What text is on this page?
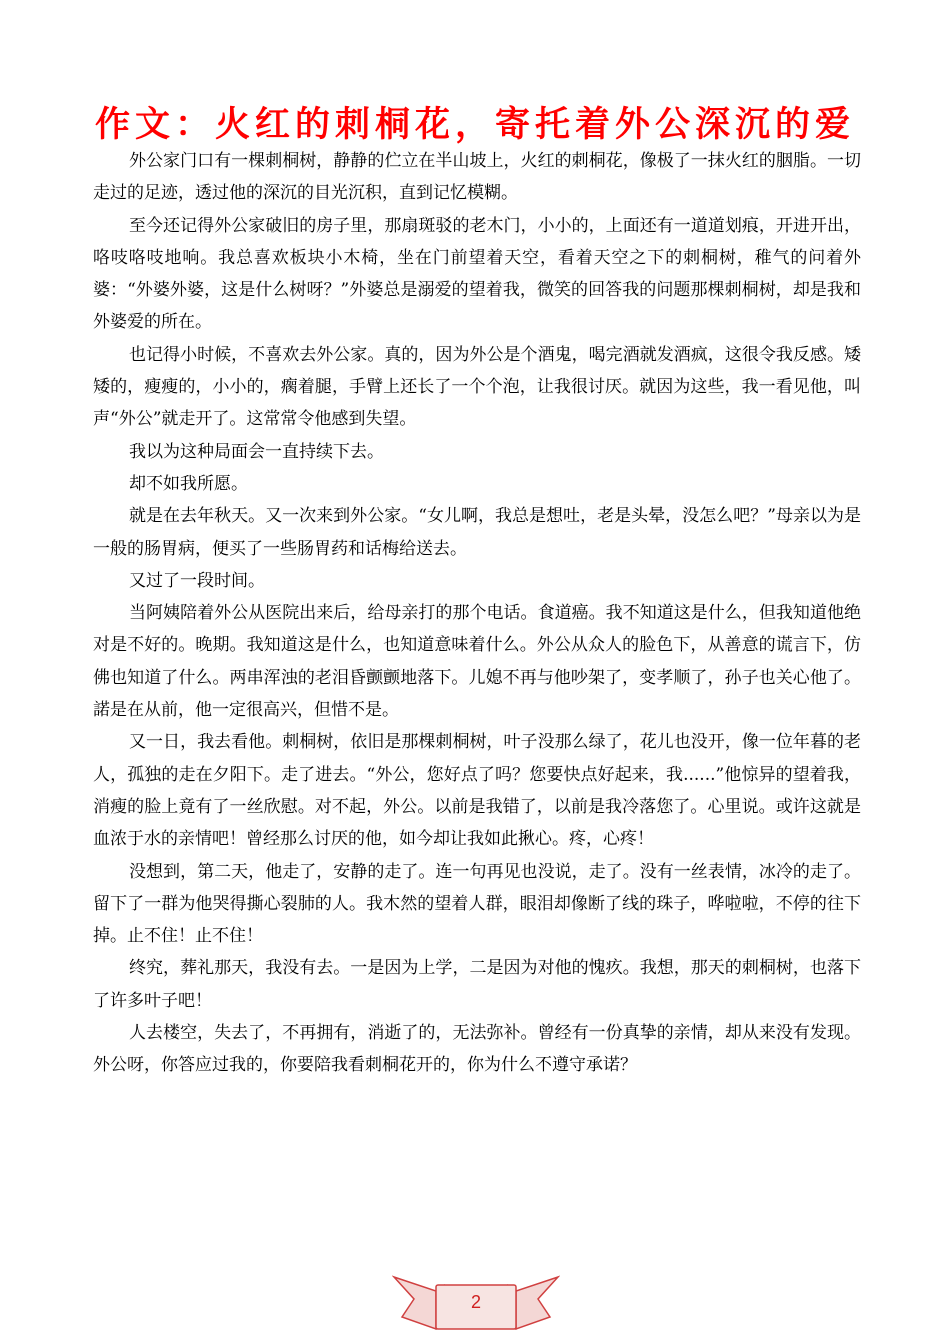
作文：火红的刺桐花，寄托着外公深沉的爱

外公家门口有一棵刺桐树，静静的伫立在半山坡上，火红的刺桐花，像极了一抹火红的胭脂。一切走过的足迹，透过他的深沉的目光沉积，直到记忆模糊。

至今还记得外公家破旧的房子里，那扇斑驳的老木门，小小的，上面还有一道道划痕，开进开出，咯吱咯吱地响。我总喜欢板块小木椅，坐在门前望着天空，看着天空之下的刺桐树，稚气的问着外婆：“外婆外婆，这是什么树呀？”外婆总是溺爱的望着我，微笑的回答我的问题那棵刺桐树，却是我和外婆爱的所在。

也记得小时候，不喜欢去外公家。真的，因为外公是个酒鬼，喝完酒就发酒疯，这很令我反感。矮矮的，瘦瘦的，小小的，瘸着腿，手臂上还长了一个个泡，让我很讨厌。就因为这些，我一看见他，叫声“外公”就走开了。这常常令他感到失望。

我以为这种局面会一直持续下去。

却不如我所愿。

就是在去年秋天。又一次来到外公家。“女儿啊，我总是想吐，老是头晕，没怎么吧？”母亲以为是一般的肠胃病，便买了一些肠胃药和话梅给送去。

又过了一段时间。

当阿姨陪着外公从医院出来后，给母亲打的那个电话。食道癌。我不知道这是什么，但我知道他绝对是不好的。晚期。我知道这是什么，也知道意味着什么。外公从众人的脸色下，从善意的谎言下，仿佛也知道了什么。两串浑浊的老泪昏颤颤地落下。儿媳不再与他吵架了，变孝顺了，孙子也关心他了。諾是在从前，他一定很高兴，但惜不是。

又一日，我去看他。刺桐树，依旧是那棵刺桐树，叶子没那么绿了，花儿也没开，像一位年暮的老人，孤独的走在夕阳下。走了进去。“外公，您好点了吗？您要快点好起来，我......”他惊异的望着我，消瘦的脸上竟有了一丝欣慰。对不起，外公。以前是我错了，以前是我冷落您了。心里说。或许这就是血浓于水的亲情吧！曾经那么讨厌的他，如今却让我如此揪心。疼，心疼！

没想到，第二天，他走了，安静的走了。连一句再见也没说，走了。没有一丝表情，冰冷的走了。留下了一群为他哭得撕心裂肺的人。我木然的望着人群，眼泪却像断了线的珠子，哗啦啦，不停的往下掉。止不住！止不住！

终究，葬礼那天，我没有去。一是因为上学，二是因为对他的愧疚。我想，那天的刺桐树，也落下了许多叶子吧！

人去楼空，失去了，不再拥有，消逝了的，无法弥补。曾经有一份真挚的亲情，却从来没有发现。外公呀，你答应过我的，你要陪我看刺桐花开的，你为什么不遵守承诺？

2
